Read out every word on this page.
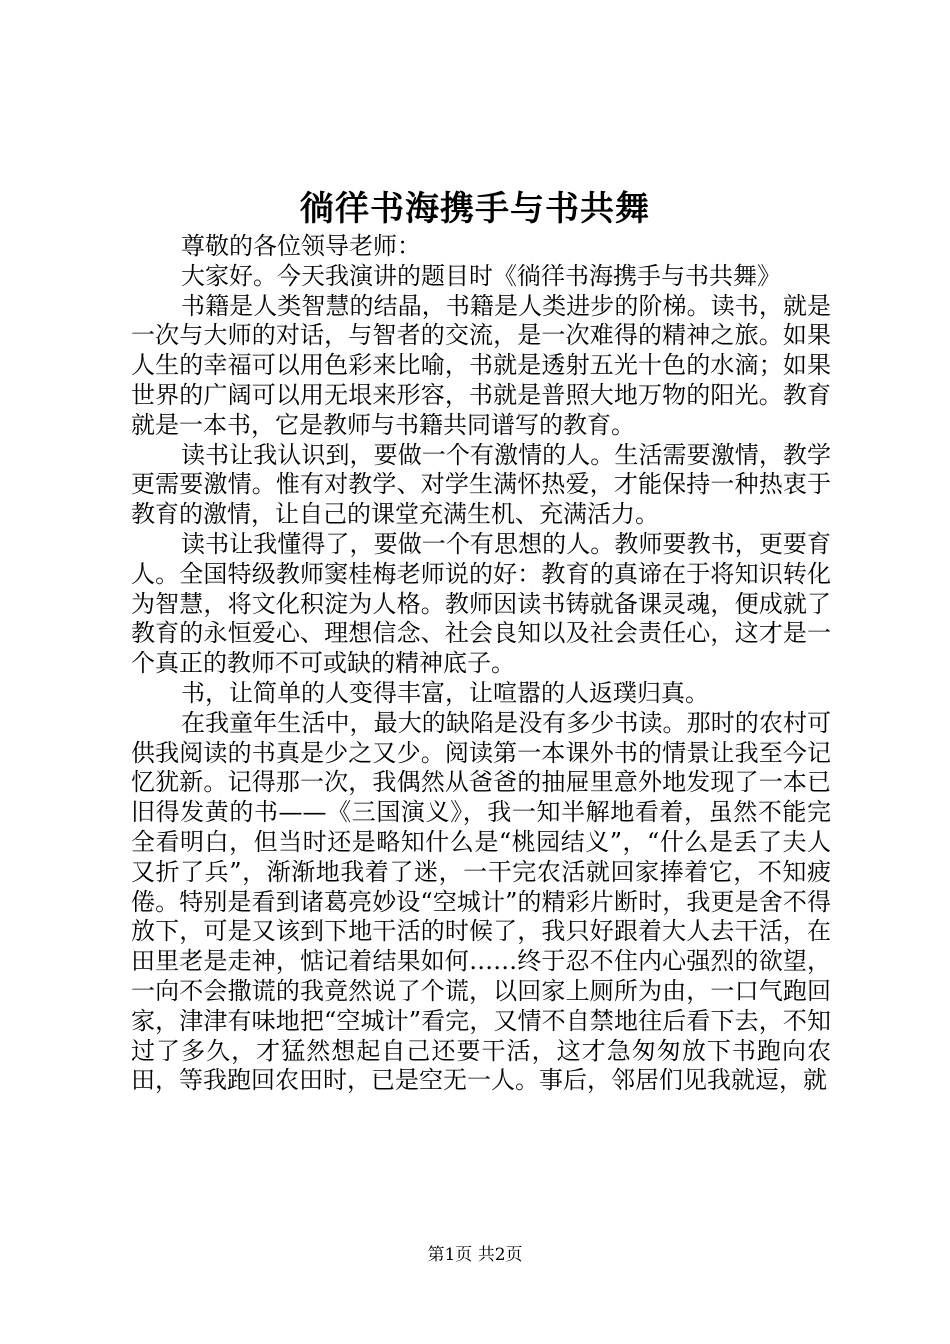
徜徉书海携手与书共舞

尊敬的各位领导老师：

大家好。今天我演讲的题目时《徜徉书海携手与书共舞》

书籍是人类智慧的结晶，书籍是人类进步的阶梯。读书，就是一次与大师的对话，与智者的交流，是一次难得的精神之旅。如果人生的幸福可以用色彩来比喻，书就是透射五光十色的水滴；如果世界的广阔可以用无垠来形容，书就是普照大地万物的阳光。教育就是一本书，它是教师与书籍共同谱写的教育。

读书让我认识到，要做一个有激情的人。生活需要激情，教学更需要激情。惟有对教学、对学生满怀热爱，才能保持一种热衷于教育的激情，让自己的课堂充满生机、充满活力。

读书让我懂得了，要做一个有思想的人。教师要教书，更要育人。全国特级教师窦桂梅老师说的好：教育的真谛在于将知识转化为智慧，将文化积淀为人格。教师因读书铸就备课灵魂，便成就了教育的永恒爱心、理想信念、社会良知以及社会责任心，这才是一个真正的教师不可或缺的精神底子。

书，让简单的人变得丰富，让喧嚣的人返璞归真。

在我童年生活中，最大的缺陷是没有多少书读。那时的农村可供我阅读的书真是少之又少。阅读第一本课外书的情景让我至今记忆犹新。记得那一次，我偶然从爸爸的抽屉里意外地发现了一本已旧得发黄的书——《三国演义》，我一知半解地看着，虽然不能完全看明白，但当时还是略知什么是“桃园结义”，“什么是丢了夫人又折了兵”，渐渐地我着了迷，一干完农活就回家捧着它，不知疲倦。特别是看到诸葛亮妙设“空城计”的精彩片断时，我更是舍不得放下，可是又该到下地干活的时候了，我只好跟着大人去干活，在田里老是走神，惦记着结果如何……终于忍不住内心强烈的欲望，一向不会撒谎的我竟然说了个谎，以回家上厕所为由，一口气跑回家，津津有味地把“空城计”看完，又情不自禁地往后看下去，不知过了多久，才猛然想起自己还要干活，这才急匆匆放下书跑向农田，等我跑回农田时，已是空无一人。事后，邻居们见我就逗，就

第1页 共2页
